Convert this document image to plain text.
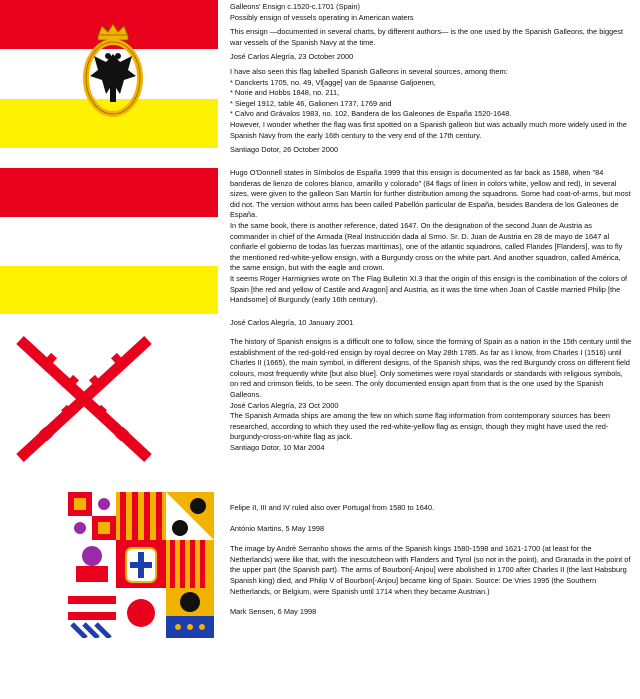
Galleons' Ensign c.1520-c.1701 (Spain)

Possibly ensign of vessels operating in American waters

This ensign —documented in several charts, by different authors— is the one used by the Spanish Galleons, the biggest war vessels of the Spanish Navy at the time.

José Carlos Alegría, 23 October 2000

I have also seen this flag labelled Spanish Galleons in several sources, among them:

* Danckerts 1705, no. 49, Vl[agge] van de Spaanse Galjoenen,

* Norie and Hobbs 1848, no. 211,

* Siegel 1912, table 46, Galionen 1737, 1769 and

* Calvo and Grávalos 1983, no. 102, Bandera de los Galeones de España 1520-1648.

However, I wonder whether the flag was first spotted on a Spanish galleon but was actually much more widely used in the Spanish Navy from the early 16th century to the very end of the 17th century.

Santiago Dotor, 26 October 2000

Hugo O'Donnell states in Símbolos de España 1999 that this ensign is documented as far back as 1588, when "84 banderas de lienzo de colores blanco, amarillo y colorado" (84 flags of linen in colors white, yellow and red), in several sizes, were given to the galleon San Martín for further distribution among the squadrons. Some had coat-of-arms, but most did not. The version without arms has been called Pabellón particular de España, besides Bandera de los Galeones de España.

In the same book, there is another reference, dated 1647. On the designation of the second Juan de Austria as commander in chief of the Armada (Real Instrucción dada al Srmo. Sr. D. Juan de Austria en 28 de mayo de 1647 al confiarle el gobierno de todas las fuerzas marítimas), one of the atlantic squadrons, called Flandes [Flanders], was to fly the mentioned red-white-yellow ensign, with a Burgundy cross on the white part. And another squadron, called América, the same ensign, but with the eagle and crown.

It seems Roger Harmignies wrote on The Flag Bulletin XI.3 that the origin of this ensign is the combination of the colors of Spain [the red and yellow of Castile and Aragon] and Austria, as it was the time when Joan of Castile married Philip [the Handsome] of Burgundy (early 16th century).

José Carlos Alegría, 10 January 2001

The history of Spanish ensigns is a difficult one to follow, since the forming of Spain as a nation in the 15th century until the establishment of the red-gold-red ensign by royal decree on May 28th 1785. As far as I know, from Charles I (1516) until Charles II (1665), the main symbol, in different designs, of the Spanish ships, was the red Burgundy cross on different field colours, most frequently white [but also blue]. Only sometimes were royal standards or standards with religious symbols, on red and crimson fields, to be seen. The only documented ensign apart from that is the one used by the Spanish Galleons.

José Carlos Alegría, 23 Oct 2000

The Spanish Armada ships are among the few on which some flag information from contemporary sources has been researched, according to which they used the red-white-yellow flag as ensign, though they might have used the red-burgundy-cross-on-white flag as jack.

Santiago Dotor, 10 Mar 2004

Felipe II, III and IV ruled also over Portugal from 1580 to 1640.

António Martins, 5 May 1998

The image by André Serranho shows the arms of the Spanish kings 1580-1598 and 1621-1700 (at least for the Netherlands) were like that, with the inescutcheon with Flanders and Tyrol (so not in the point), and Granada in the point of the upper part (the Spanish part). The arms of Bourbon[-Anjou] were abolished in 1700 after Charles II (the last Habsburg Spanish king) died, and Philip V of Bourbon[-Anjou] became king of Spain. Source: De Vries 1995 (the Southern Netherlands, or Belgium, were Spanish until 1714 when they became Austrian.)

Mark Sensen, 6 May 1998
